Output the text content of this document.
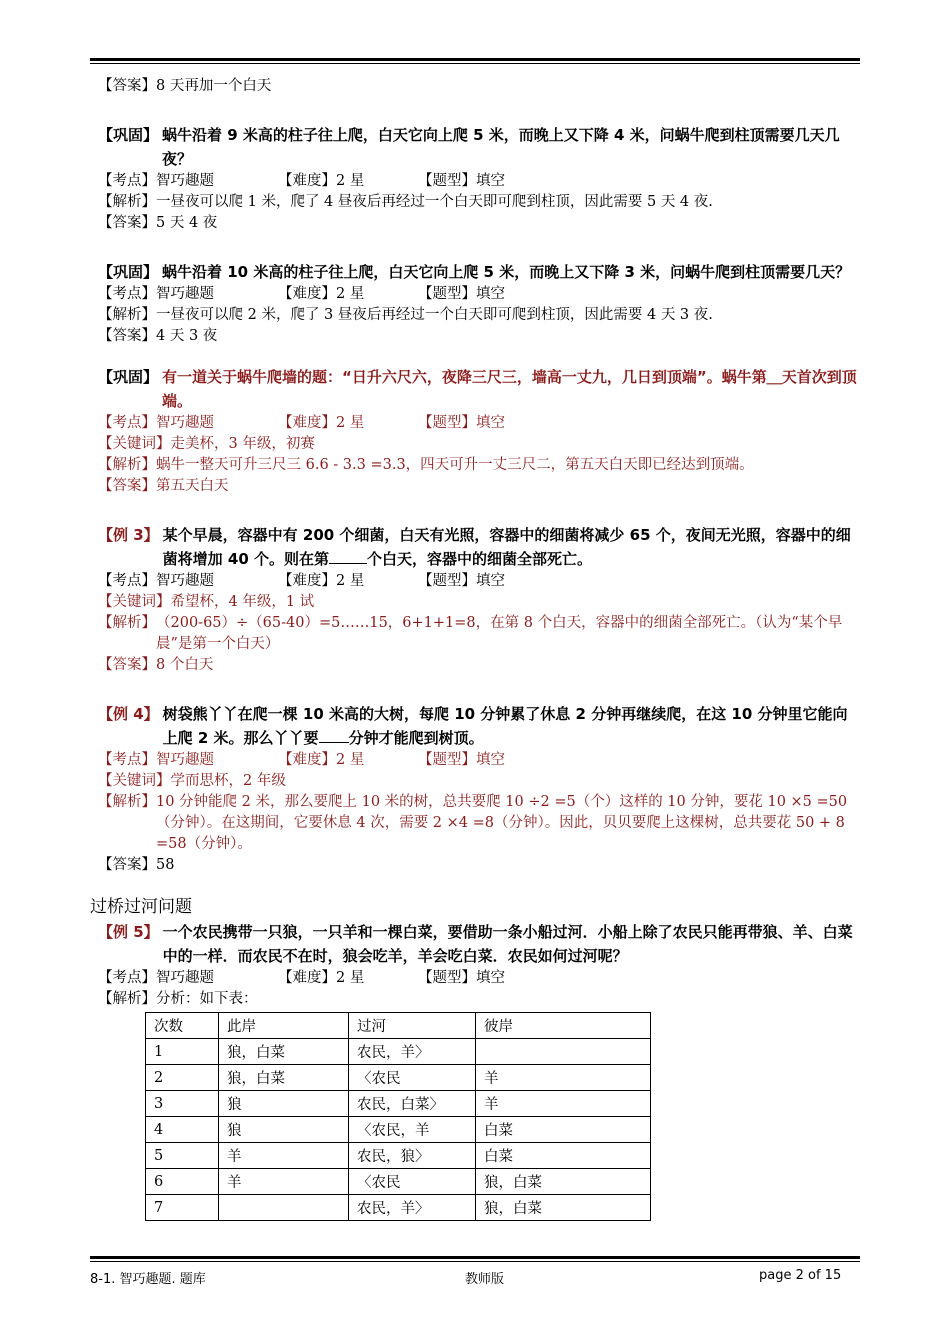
【答案】8 天再加一个白天
【巩固】 蜗牛沿着 9 米高的柱子往上爬，白天它向上爬 5 米，而晚上又下降 4 米，问蜗牛爬到柱顶需要几天几夜？
【考点】智巧趣题	【难度】2 星	【题型】填空
【解析】 一昼夜可以爬 1 米，爬了 4 昼夜后再经过一个白天即可爬到柱顶，因此需要 5 天 4 夜.
【答案】5 天 4 夜
【巩固】 蜗牛沿着 10 米高的柱子往上爬，白天它向上爬 5 米，而晚上又下降 3 米，问蜗牛爬到柱顶需要几天？
【考点】智巧趣题	【难度】2 星	【题型】填空
【解析】 一昼夜可以爬 2 米，爬了 3 昼夜后再经过一个白天即可爬到柱顶，因此需要 4 天 3 夜.
【答案】4 天 3 夜
【巩固】 有一道关于蜗牛爬墙的题：“日升六尺六，夜降三尺三，墙高一丈九，几日到顶端”。蜗牛第＿天首次到顶端。
【考点】智巧趣题	【难度】2 星	【题型】填空
【关键词】走美杯，3 年级，初赛
【解析】 蜗牛一整天可升三尺三 6.6 - 3.3 =3.3，四天可升一丈三尺二，第五天白天即已经达到顶端。
【答案】第五天白天
【例 3】 某个早晨，容器中有 200 个细菌，白天有光照，容器中的细菌将减少 65 个，夜间无光照，容器中的细菌将增加 40 个。则在第	个白天，容器中的细菌全部死亡。
【考点】智巧趣题	【难度】2 星	【题型】填空
【关键词】希望杯，4 年级，1 试
【解析】 （200-65）÷（65-40）=5……15，6+1+1=8，在第 8 个白天，容器中的细菌全部死亡。（认为“某个早晨”是第一个白天）
【答案】8 个白天
【例 4】 树袋熊丫丫在爬一棵 10 米高的大树，每爬 10 分钟累了休息 2 分钟再继续爬，在这 10 分钟里它能向上爬 2 米。那么丫丫要 分钟才能爬到树顶。
【考点】智巧趣题	【难度】2 星	【题型】填空
【关键词】学而思杯，2 年级
【解析】 10 分钟能爬 2 米，那么要爬上 10 米的树，总共要爬 10 ÷2 =5（个）这样的 10 分钟，要花 10 ×5 =50（分钟）。在这期间，它要休息 4 次，需要 2 ×4 =8（分钟）。因此，贝贝要爬上这棵树，总共要花 50 + 8 =58（分钟）。
【答案】58
过桥过河问题
【例 5】 一个农民携带一只狼，一只羊和一棵白菜，要借助一条小船过河．小船上除了农民只能再带狼、羊、白菜中的一样．而农民不在时，狼会吃羊，羊会吃白菜．农民如何过河呢？
【考点】智巧趣题	【难度】2 星	【题型】填空
【解析】分析：如下表：
次数	此岸	过河	彼岸
1	狼，白菜	农民，羊〉	
2	狼，白菜	〈农民	羊
3	狼	农民，白菜〉	羊
4	狼	〈农民，羊	白菜
5	羊	农民，狼〉	白菜
6	羊	〈农民	狼，白菜
7		农民，羊〉	狼，白菜
8-1. 智巧趣题. 题库	教师版	page 2 of 15
